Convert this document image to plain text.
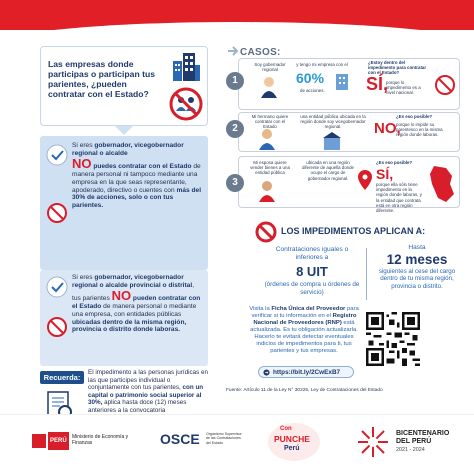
Las empresas donde participas o participan tus parientes, ¿pueden contratar con el Estado?
Si eres gobernador, vicegobernador regional o alcalde
NO puedes contratar con el Estado de manera personal ni tampoco mediante una empresa en la que seas representante, apoderado, directivo o cuentes con más del 30% de acciones, solo o con tus parientes.
Si eres gobernador, vicegobernador regional o alcalde provincial o distrital, tus parientes NO pueden contratar con el Estado de manera personal o mediante una empresa, con entidades públicas ubicadas dentro de la misma región, provincia o distrito donde laboras.
Recuerda:
El impedimento a las personas jurídicas en las que participes individual o conjuntamente con tus parientes, con un capital o patrimonio social superior al 30%, aplica hasta doce (12) meses anteriores a la convocatoria
CASOS:
1
Soy gobernador regional
y tengo mi empresa con el
60%
de acciones.
¿Estoy dentro del impedimento para contratar con el Estado?
SÍ,
porque lo impedimento es a nivel nacional.
2
Mi hermano quiere contratar con el Estado
una entidad pública ubicada en la región donde soy vicegobernador regional.	NO,
¿Es eso posible?
porque lo impide su parentesco en la misma región donde laboras.
3
Mi esposa quiere vender bienes a una entidad pública
ubicada en una región diferente de aquella donde ocupo el cargo de gobernador regional.
¿Es eso posible?
SÍ,
porque ella sólo tiene impedimento en la región donde laboras, y la entidad que contrata está en otra región diferente.
LOS IMPEDIMENTOS APLICAN A:
Contrataciones iguales o inferiores a
8 UIT
(órdenes de compra u órdenes de servicio)
Hasta
12 meses
siguientes al cese del cargo dentro de tu misma región, provincia o distrito.
Visita la Ficha Única del Proveedor para verificar si tu información en el Registro Nacional de Proveedores (RNP) está actualizada. Es tu obligación actualizarla. Hacerlo te evitará detectar eventuales indicios de impedimentos para ti, tus parientes y tus empresas.
https://bit.ly/2CwExB7
Fuente: Artículo 11 de la Ley N° 30225, Ley de Contrataciones del Estado
PERÚ
Ministerio de Economía y Finanzas	OSCE Organismo Supervisor de las Contrataciones del Estado
Con
PUNCHE
Perú
BICENTENARIO
DEL PERÚ
2021 - 2024
